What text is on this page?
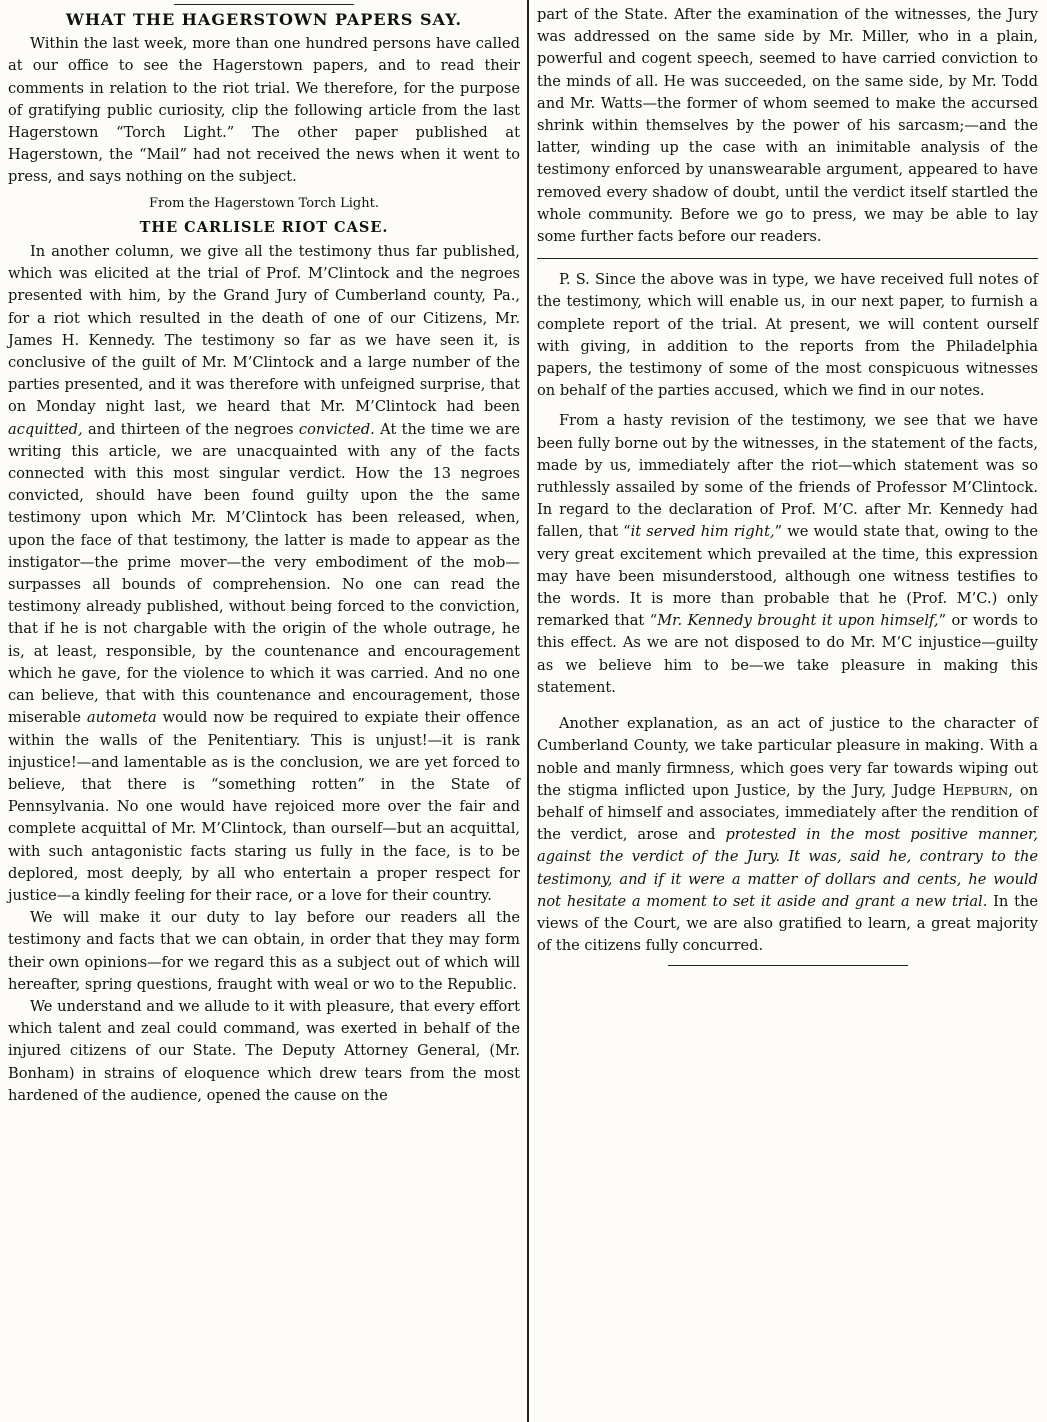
WHAT THE HAGERSTOWN PAPERS SAY.

Within the last week, more than one hundred persons have called at our office to see the Hagerstown papers, and to read their comments in relation to the riot trial. We therefore, for the purpose of gratifying public curiosity, clip the following article from the last Hagerstown “Torch Light.” The other paper published at Hagerstown, the “Mail” had not received the news when it went to press, and says nothing on the subject.

From the Hagerstown Torch Light.
THE CARLISLE RIOT CASE.

In another column, we give all the testimony thus far published, which was elicited at the trial of Prof. M’Clintock and the negroes presented with him, by the Grand Jury of Cumberland county, Pa., for a riot which resulted in the death of one of our Citizens, Mr. James H. Kennedy. The testimony so far as we have seen it, is conclusive of the guilt of Mr. M’Clintock and a large number of the parties presented, and it was therefore with unfeigned surprise, that on Monday night last, we heard that Mr. M’Clintock had been acquitted, and thirteen of the negroes convicted. At the time we are writing this article, we are unacquainted with any of the facts connected with this most singular verdict. How the 13 negroes convicted, should have been found guilty upon the the same testimony upon which Mr. M’Clintock has been released, when, upon the face of that testimony, the latter is made to appear as the instigator—the prime mover—the very embodiment of the mob—surpasses all bounds of comprehension. No one can read the testimony already published, without being forced to the conviction, that if he is not chargable with the origin of the whole outrage, he is, at least, responsible, by the countenance and encouragement which he gave, for the violence to which it was carried. And no one can believe, that with this countenance and encouragement, those miserable autometa would now be required to expiate their offence within the walls of the Penitentiary. This is unjust!—it is rank injustice!—and lamentable as is the conclusion, we are yet forced to believe, that there is “something rotten” in the State of Pennsylvania. No one would have rejoiced more over the fair and complete acquittal of Mr. M’Clintock, than ourself—but an acquittal, with such antagonistic facts staring us fully in the face, is to be deplored, most deeply, by all who entertain a proper respect for justice—a kindly feeling for their race, or a love for their country.

We will make it our duty to lay before our readers all the testimony and facts that we can obtain, in order that they may form their own opinions—for we regard this as a subject out of which will hereafter, spring questions, fraught with weal or wo to the Republic.

We understand and we allude to it with pleasure, that every effort which talent and zeal could command, was exerted in behalf of the injured citizens of our State. The Deputy Attorney General, (Mr. Bonham) in strains of eloquence which drew tears from the most hardened of the audience, opened the cause on the

part of the State. After the examination of the witnesses, the Jury was addressed on the same side by Mr. Miller, who in a plain, powerful and cogent speech, seemed to have carried conviction to the minds of all. He was succeeded, on the same side, by Mr. Todd and Mr. Watts—the former of whom seemed to make the accursed shrink within themselves by the power of his sarcasm;—and the latter, winding up the case with an inimitable analysis of the testimony enforced by unanswearable argument, appeared to have removed every shadow of doubt, until the verdict itself startled the whole community. Before we go to press, we may be able to lay some further facts before our readers.

P. S. Since the above was in type, we have received full notes of the testimony, which will enable us, in our next paper, to furnish a complete report of the trial. At present, we will content ourself with giving, in addition to the reports from the Philadelphia papers, the testimony of some of the most conspicuous witnesses on behalf of the parties accused, which we find in our notes.

From a hasty revision of the testimony, we see that we have been fully borne out by the witnesses, in the statement of the facts, made by us, immediately after the riot—which statement was so ruthlessly assailed by some of the friends of Professor M’Clintock. In regard to the declaration of Prof. M’C. after Mr. Kennedy had fallen, that “it served him right,” we would state that, owing to the very great excitement which prevailed at the time, this expression may have been misunderstood, although one witness testifies to the words. It is more than probable that he (Prof. M’C.) only remarked that “Mr. Kennedy brought it upon himself,” or words to this effect. As we are not disposed to do Mr. M’C injustice—guilty as we believe him to be—we take pleasure in making this statement.

Another explanation, as an act of justice to the character of Cumberland County, we take particular pleasure in making. With a noble and manly firmness, which goes very far towards wiping out the stigma inflicted upon Justice, by the Jury, Judge HEPBURN, on behalf of himself and associates, immediately after the rendition of the verdict, arose and protested in the most positive manner, against the verdict of the Jury. It was, said he, contrary to the testimony, and if it were a matter of dollars and cents, he would not hesitate a moment to set it aside and grant a new trial. In the views of the Court, we are also gratified to learn, a great majority of the citizens fully concurred.
